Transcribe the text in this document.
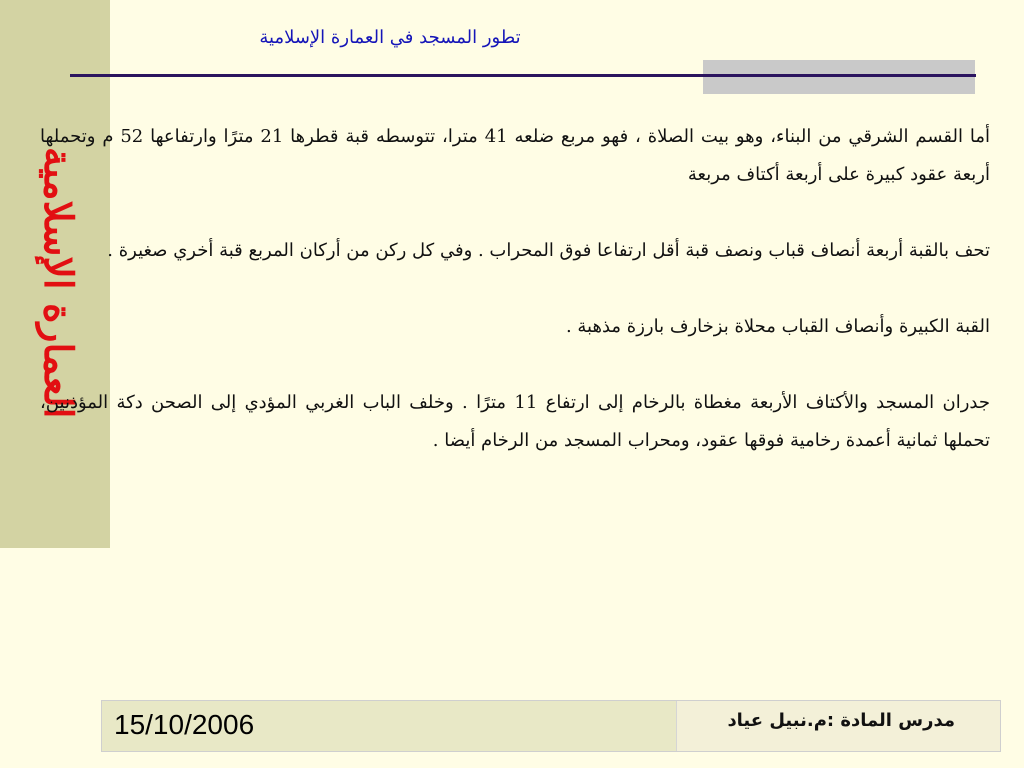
العمارة الإسلامية
تطور المسجد في العمارة الإسلامية

أما القسم الشرقي من البناء، وهو بيت الصلاة ، فهو مربع ضلعه 41 مترا، تتوسطه قبة قطرها 21 مترًا وارتفاعها 52 م وتحملها أربعة عقود كبيرة على أربعة أكتاف مربعة

تحف بالقبة أربعة أنصاف قباب ونصف قبة أقل ارتفاعا فوق المحراب . وفي كل ركن من أركان المربع قبة أخري صغيرة .

القبة الكبيرة وأنصاف القباب محلاة بزخارف بارزة مذهبة .

جدران المسجد والأكتاف الأربعة مغطاة بالرخام إلى ارتفاع 11 مترًا . وخلف الباب الغربي المؤدي إلى الصحن دكة المؤذنين، تحملها ثمانية أعمدة رخامية فوقها عقود، ومحراب المسجد من الرخام أيضا .

15/10/2006	مدرس المادة :م.نبيل عياد
